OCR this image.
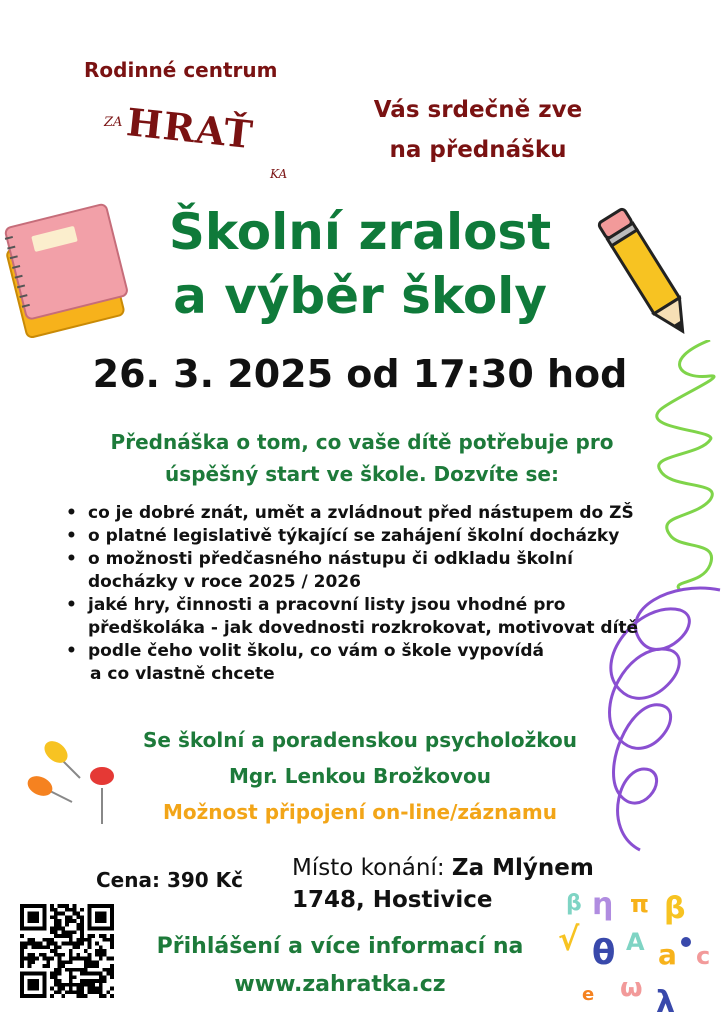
Rodinné centrum
ZA HRAŤ
KA
Vás srdečně zve
na přednášku
β η π β
√ θ A a c
ω λ
e
Školní zralost
a výběr školy
26. 3. 2025 od 17:30 hod
Přednáška o tom, co vaše dítě potřebuje pro
úspěšný start ve škole. Dozvíte se:
• co je dobré znát, umět a zvládnout před nástupem do ZŠ
• o platné legislativě týkající se zahájení školní docházky
• o možnosti předčasného nástupu či odkladu školní
docházky v roce 2025 / 2026
• jaké hry, činnosti a pracovní listy jsou vhodné pro
předškoláka - jak dovednosti rozkrokovat, motivovat dítě
• podle čeho volit školu, co vám o škole vypovídá
a co vlastně chcete
Se školní a poradenskou psycholožkou
Mgr. Lenkou Brožkovou
Možnost připojení on-line/záznamu
Cena: 390 Kč Místo konání: Za Mlýnem
1748, Hostivice
Přihlášení a více informací na
www.zahratka.cz
